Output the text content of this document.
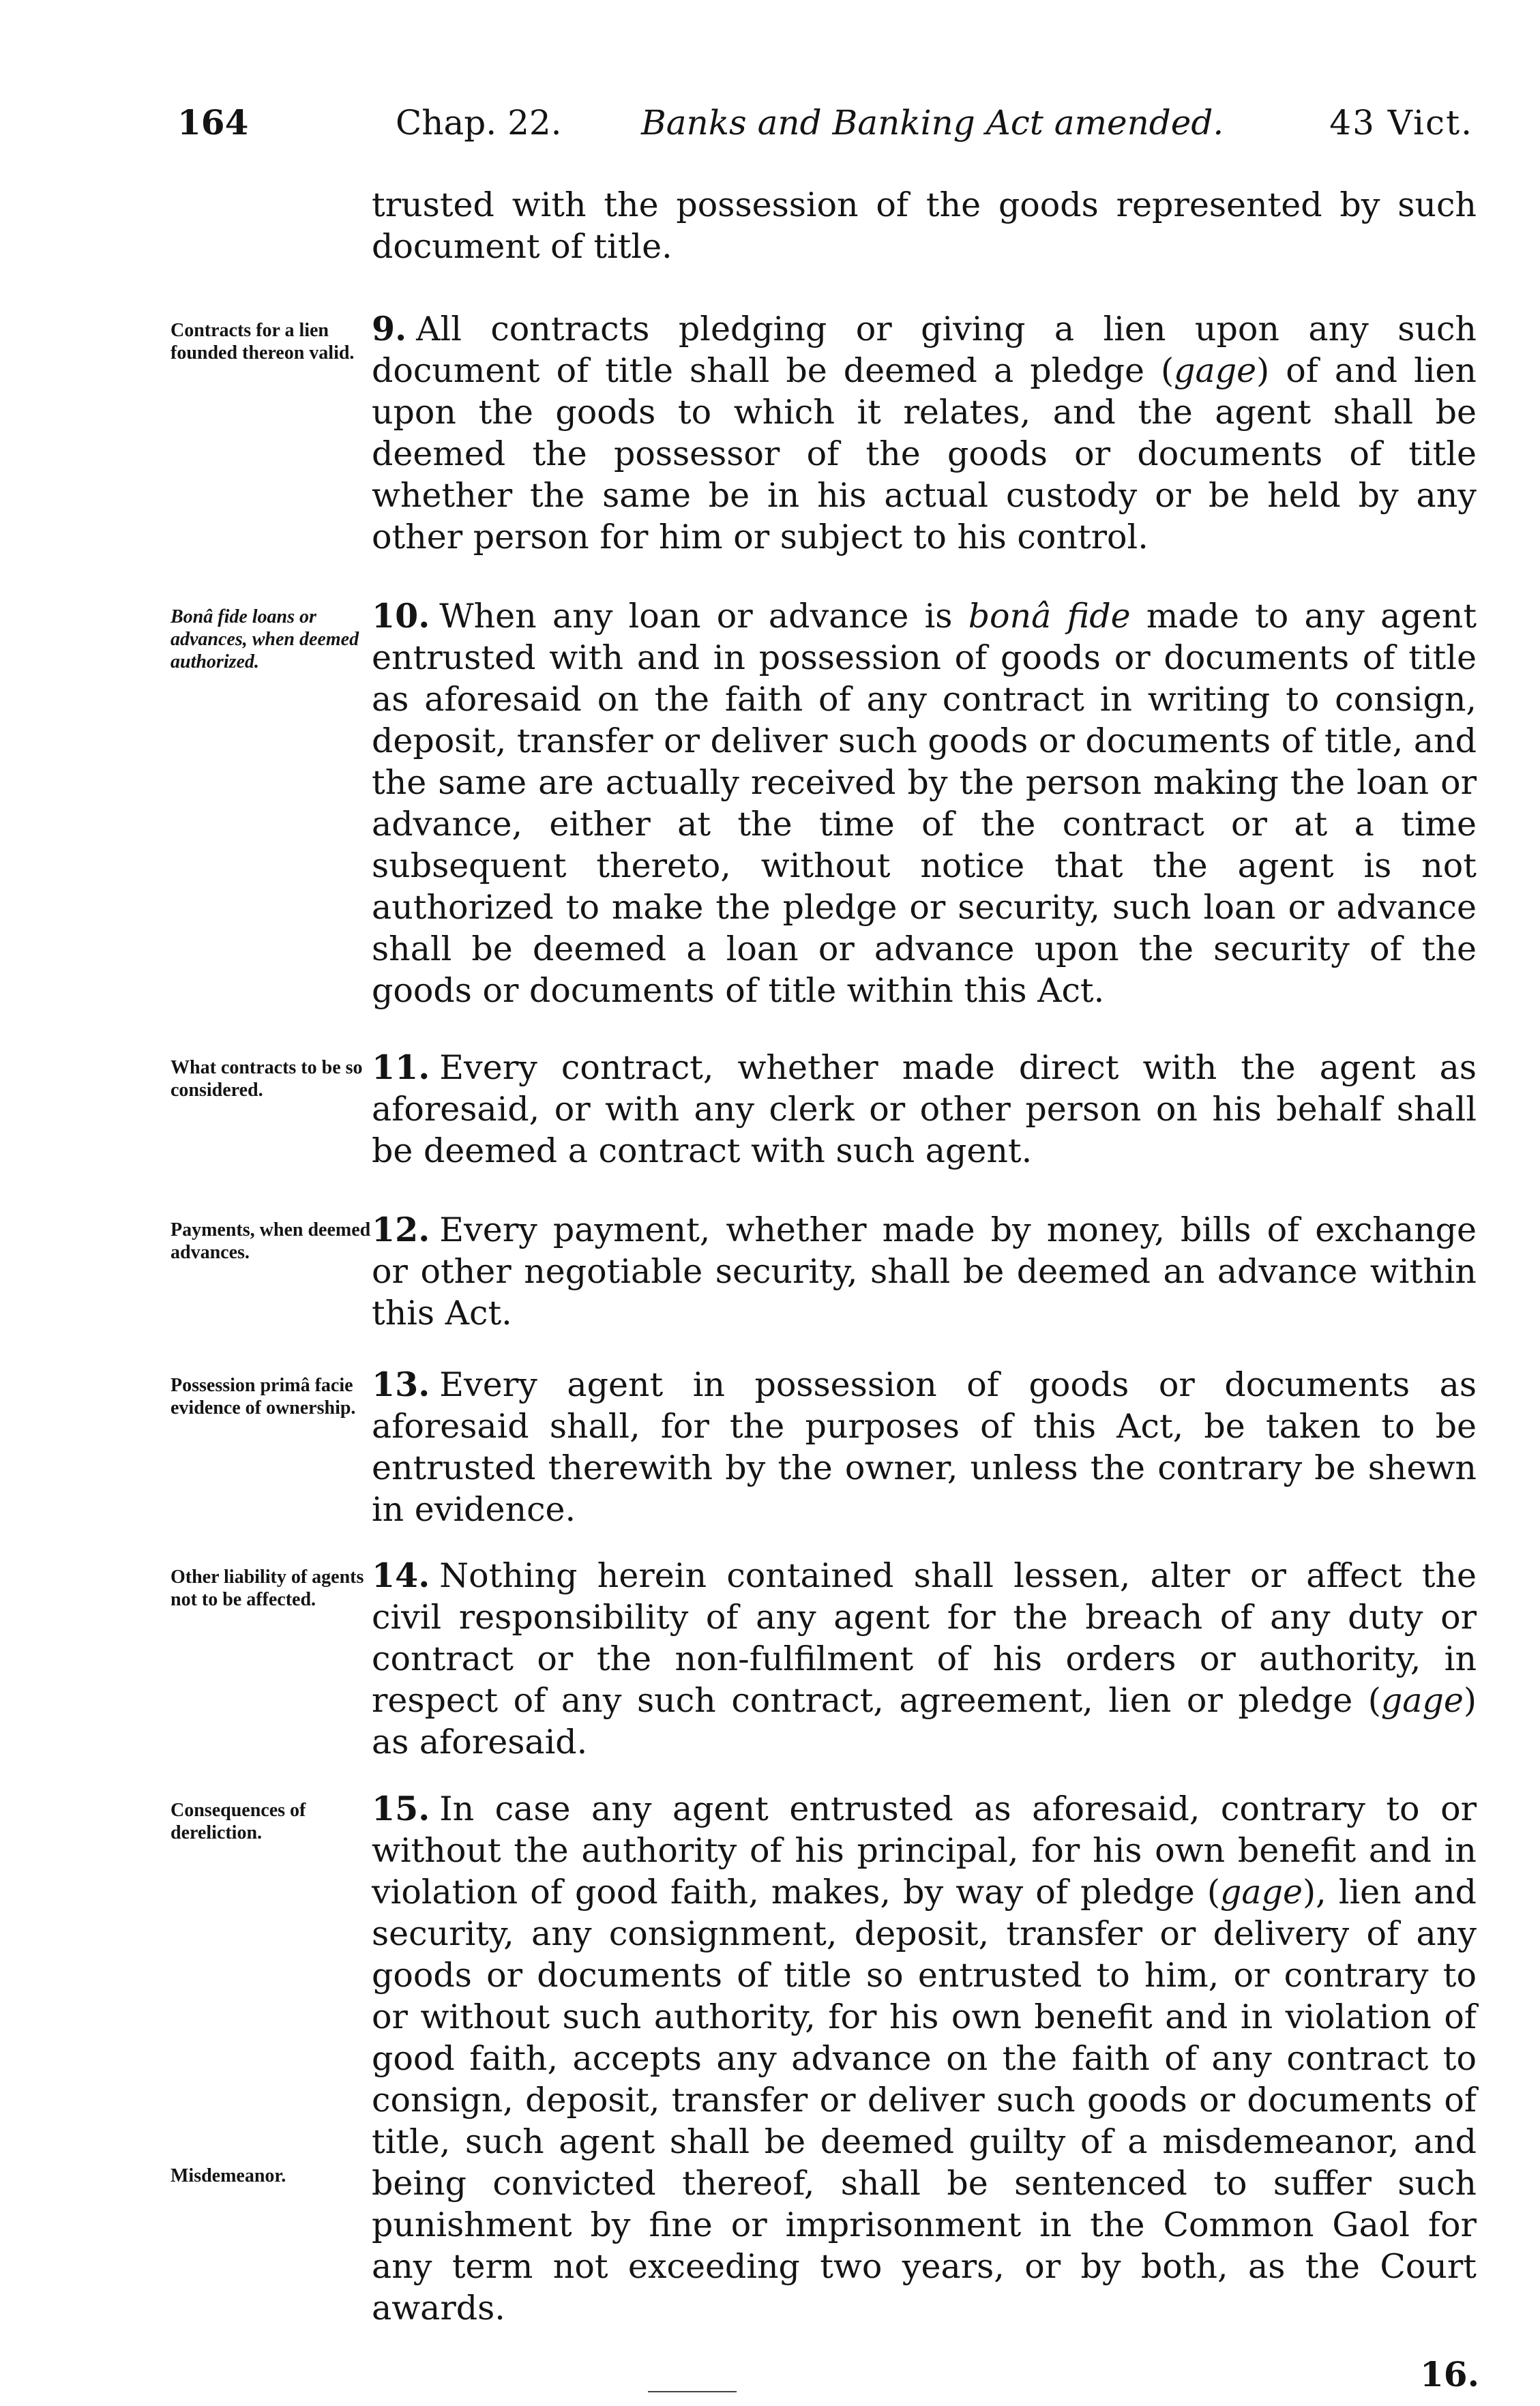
164	Chap. 22. Banks and Banking Act amended.	43 Vict.

trusted with the possession of the goods represented by such document of title.

Contracts for a lien founded thereon valid.

9. All contracts pledging or giving a lien upon any such document of title shall be deemed a pledge (gage) of and lien upon the goods to which it relates, and the agent shall be deemed the possessor of the goods or documents of title whether the same be in his actual custody or be held by any other person for him or subject to his control.

Bonâ fide loans or advances, when deemed authorized.

10. When any loan or advance is bonâ fide made to any agent entrusted with and in possession of goods or documents of title as aforesaid on the faith of any contract in writing to consign, deposit, transfer or deliver such goods or documents of title, and the same are actually received by the person making the loan or advance, either at the time of the contract or at a time subsequent thereto, without notice that the agent is not authorized to make the pledge or security, such loan or advance shall be deemed a loan or advance upon the security of the goods or documents of title within this Act.

What contracts to be so considered.

11. Every contract, whether made direct with the agent as aforesaid, or with any clerk or other person on his behalf shall be deemed a contract with such agent.

Payments, when deemed advances.

12. Every payment, whether made by money, bills of exchange or other negotiable security, shall be deemed an advance within this Act.

Possession primâ facie evidence of ownership.

13. Every agent in possession of goods or documents as aforesaid shall, for the purposes of this Act, be taken to be entrusted therewith by the owner, unless the contrary be shewn in evidence.

Other liability of agents not to be affected.

14. Nothing herein contained shall lessen, alter or affect the civil responsibility of any agent for the breach of any duty or contract or the non-fulfilment of his orders or authority, in respect of any such contract, agreement, lien or pledge (gage) as aforesaid.

Consequences of dereliction.
Misdemeanor.

15. In case any agent entrusted as aforesaid, contrary to or without the authority of his principal, for his own benefit and in violation of good faith, makes, by way of pledge (gage), lien and security, any consignment, deposit, transfer or delivery of any goods or documents of title so entrusted to him, or contrary to or without such authority, for his own benefit and in violation of good faith, accepts any advance on the faith of any contract to consign, deposit, transfer or deliver such goods or documents of title, such agent shall be deemed guilty of a misdemeanor, and being convicted thereof, shall be sentenced to suffer such punishment by fine or imprisonment in the Common Gaol for any term not exceeding two years, or by both, as the Court awards.

16.
